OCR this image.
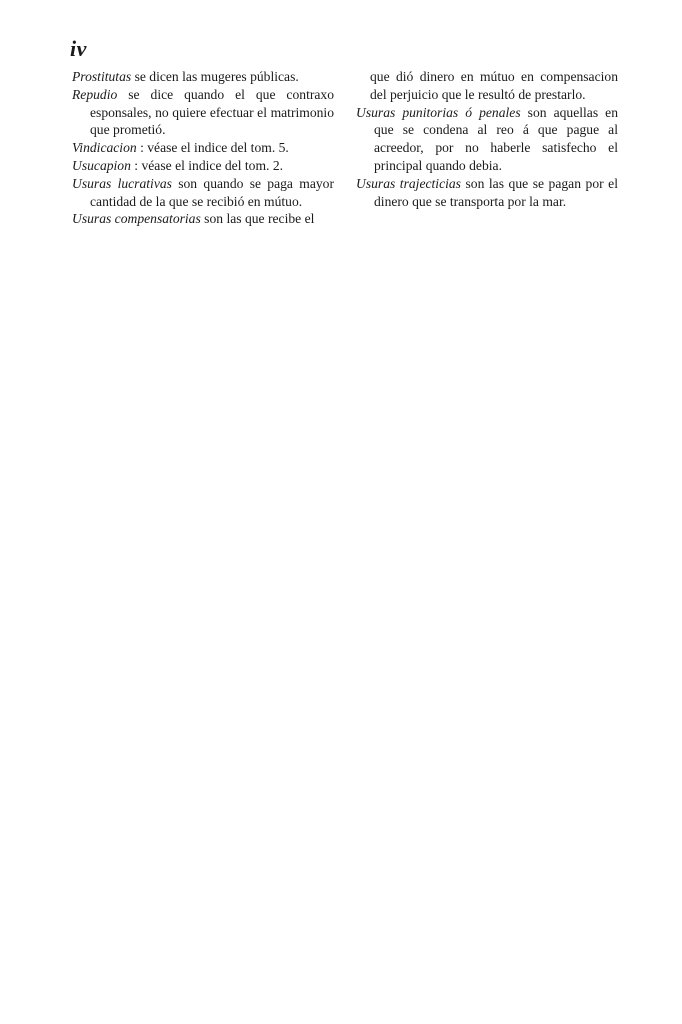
iv

Prostitutas se dicen las mugeres públicas.

Repudio se dice quando el que contraxo esponsales, no quiere efectuar el matrimonio que prometió.

Vindicacion : véase el indice del tom. 5.

Usucapion : véase el indice del tom. 2.

Usuras lucrativas son quando se paga mayor cantidad de la que se recibió en mútuo.

Usuras compensatorias son las que recibe el

que dió dinero en mútuo en compensacion del perjuicio que le resultó de prestarlo.

Usuras punitorias ó penales son aquellas en que se condena al reo á que pague al acreedor, por no haberle satisfecho el principal quando debia.

Usuras trajecticias son las que se pagan por el dinero que se transporta por la mar.
